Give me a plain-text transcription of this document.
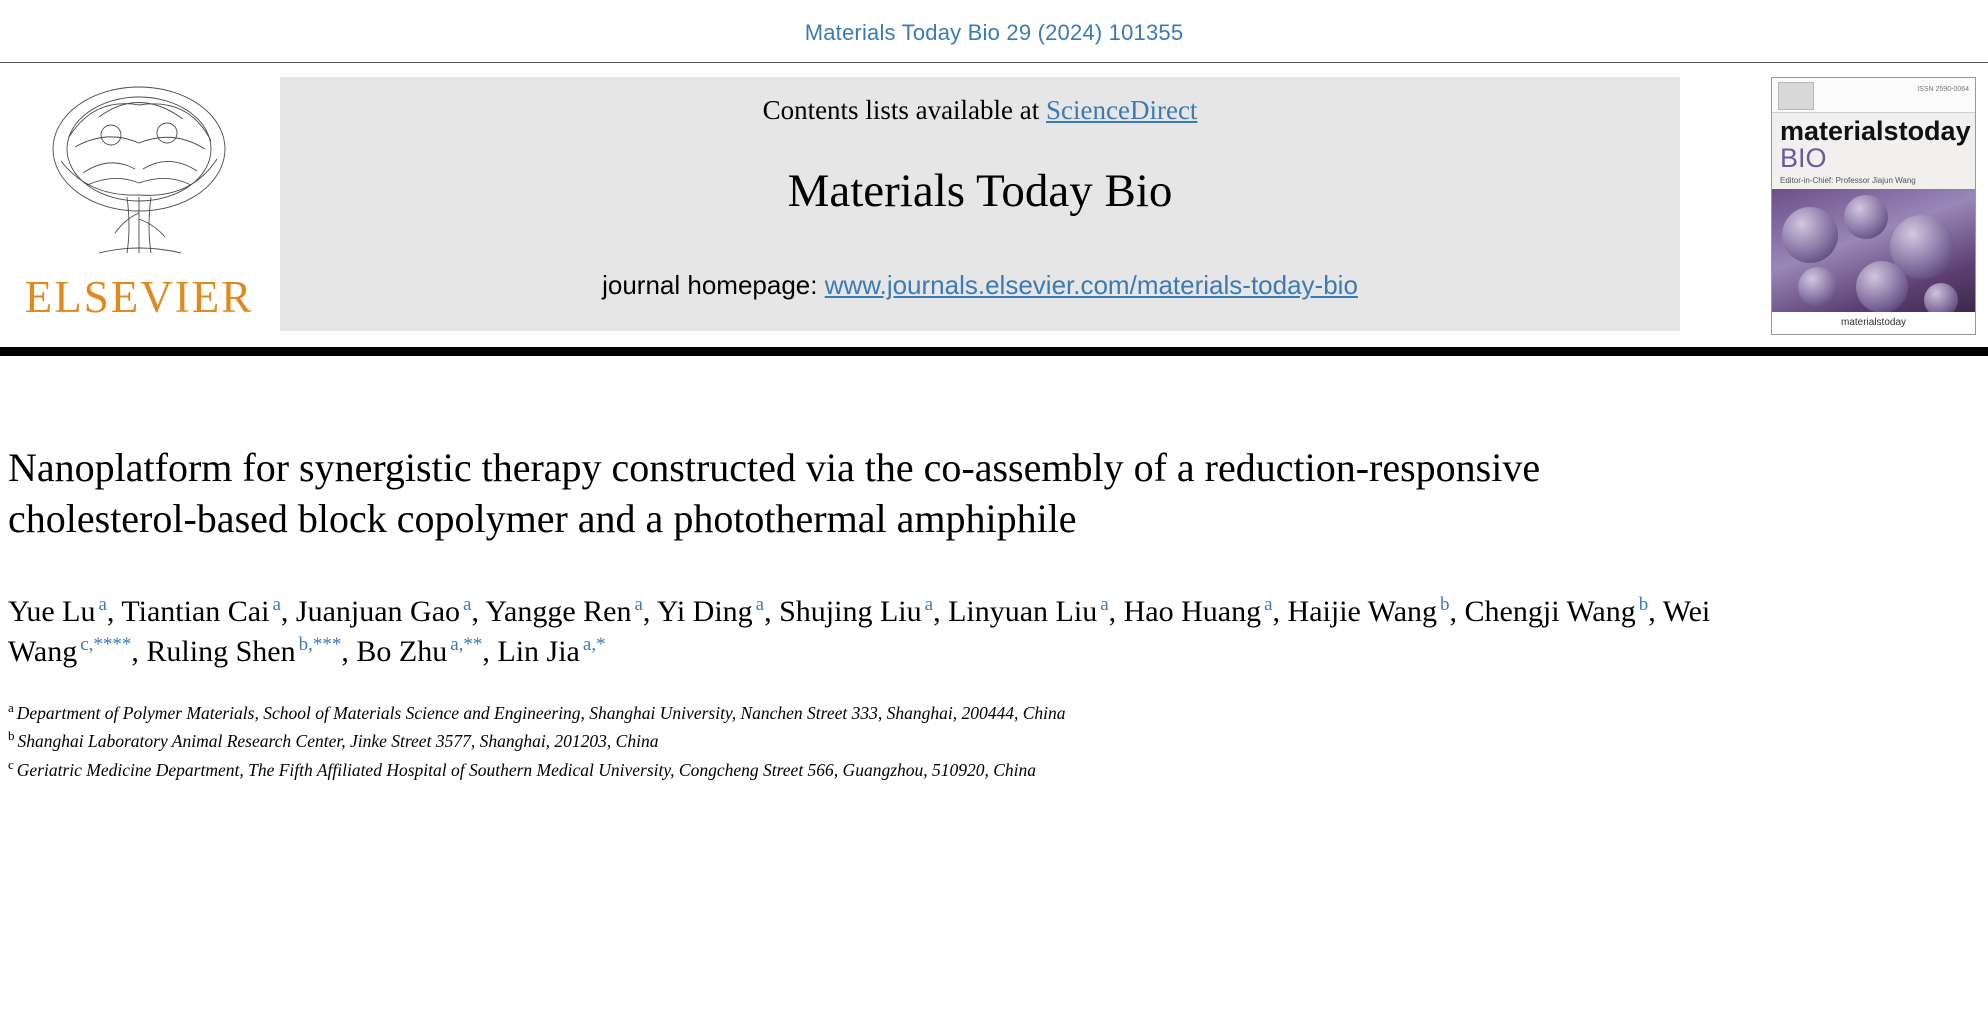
Materials Today Bio 29 (2024) 101355
ELSEVIER
Contents lists available at ScienceDirect
Materials Today Bio
journal homepage: www.journals.elsevier.com/materials-today-bio
ISSN 2590-0064
materialstoday
BIO
Editor-in-Chief: Professor Jiajun Wang
materialstoday
Nanoplatform for synergistic therapy constructed via the co-assembly of a reduction-responsive cholesterol-based block copolymer and a photothermal amphiphile
Yue Lu $^a$, Tiantian Cai $^a$, Juanjuan Gao $^a$, Yangge Ren $^a$, Yi Ding $^a$, Shujing Liu $^a$, Linyuan Liu $^a$, Hao Huang $^a$, Haijie Wang $^b$, Chengji Wang $^b$, Wei Wang $^{c,****}$, Ruling Shen $^{b,***}$, Bo Zhu $^{a,**}$, Lin Jia $^{a,*}$
$^a$ Department of Polymer Materials, School of Materials Science and Engineering, Shanghai University, Nanchen Street 333, Shanghai, 200444, China
$^b$ Shanghai Laboratory Animal Research Center, Jinke Street 3577, Shanghai, 201203, China
$^c$ Geriatric Medicine Department, The Fifth Affiliated Hospital of Southern Medical University, Congcheng Street 566, Guangzhou, 510920, China
